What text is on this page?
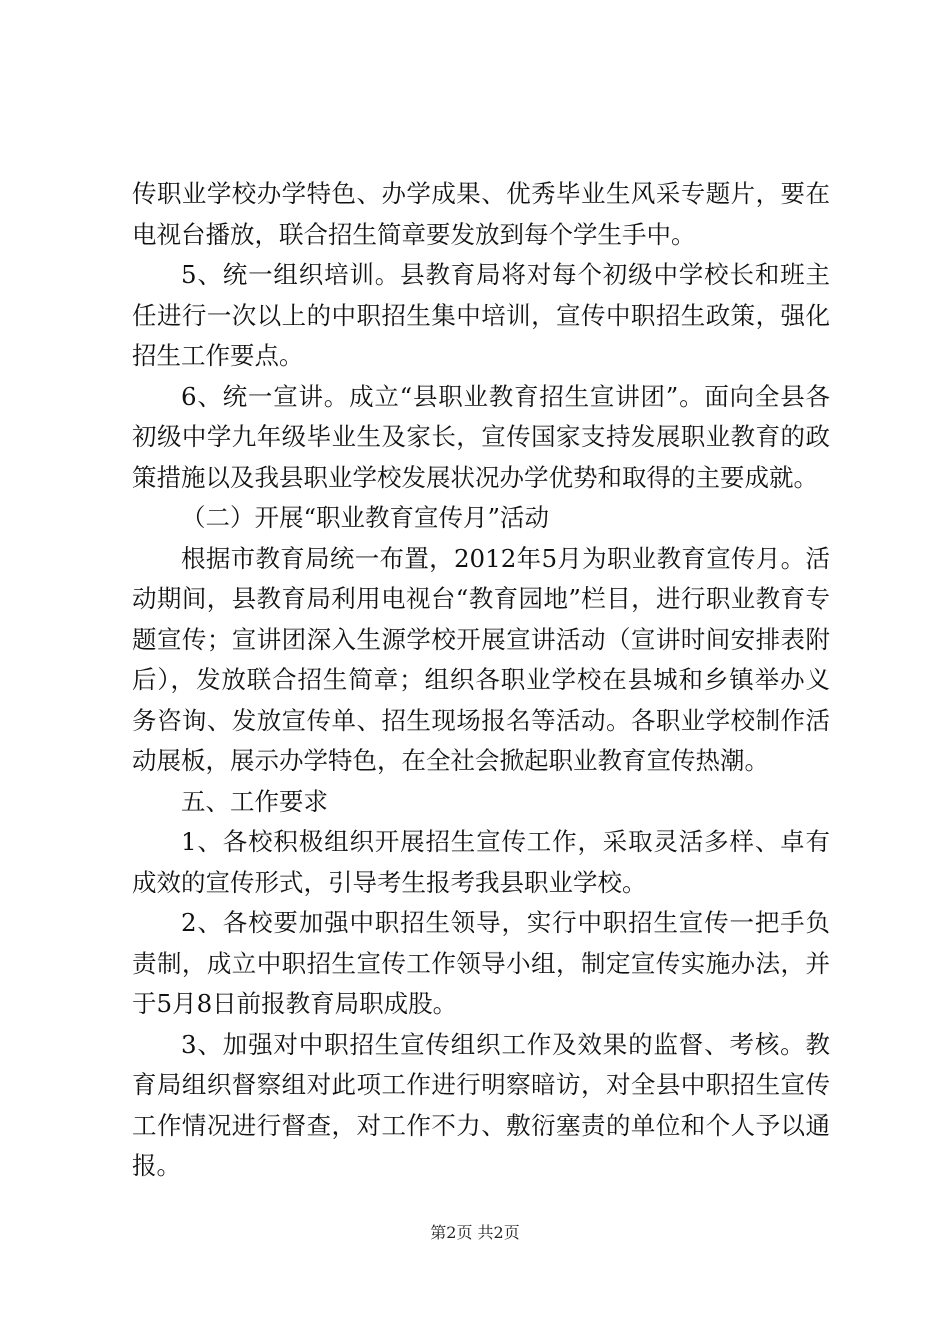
传职业学校办学特色、办学成果、优秀毕业生风采专题片，要在电视台播放，联合招生简章要发放到每个学生手中。

5、统一组织培训。县教育局将对每个初级中学校长和班主任进行一次以上的中职招生集中培训，宣传中职招生政策，强化招生工作要点。

6、统一宣讲。成立“县职业教育招生宣讲团”。面向全县各初级中学九年级毕业生及家长，宣传国家支持发展职业教育的政策措施以及我县职业学校发展状况办学优势和取得的主要成就。

（二）开展“职业教育宣传月”活动

根据市教育局统一布置，2012年5月为职业教育宣传月。活动期间，县教育局利用电视台“教育园地”栏目，进行职业教育专题宣传；宣讲团深入生源学校开展宣讲活动（宣讲时间安排表附后），发放联合招生简章；组织各职业学校在县城和乡镇举办义务咨询、发放宣传单、招生现场报名等活动。各职业学校制作活动展板，展示办学特色，在全社会掀起职业教育宣传热潮。

五、工作要求

1、各校积极组织开展招生宣传工作，采取灵活多样、卓有成效的宣传形式，引导考生报考我县职业学校。

2、各校要加强中职招生领导，实行中职招生宣传一把手负责制，成立中职招生宣传工作领导小组，制定宣传实施办法，并于5月8日前报教育局职成股。

3、加强对中职招生宣传组织工作及效果的监督、考核。教育局组织督察组对此项工作进行明察暗访，对全县中职招生宣传工作情况进行督查，对工作不力、敷衍塞责的单位和个人予以通报。

第2页 共2页
